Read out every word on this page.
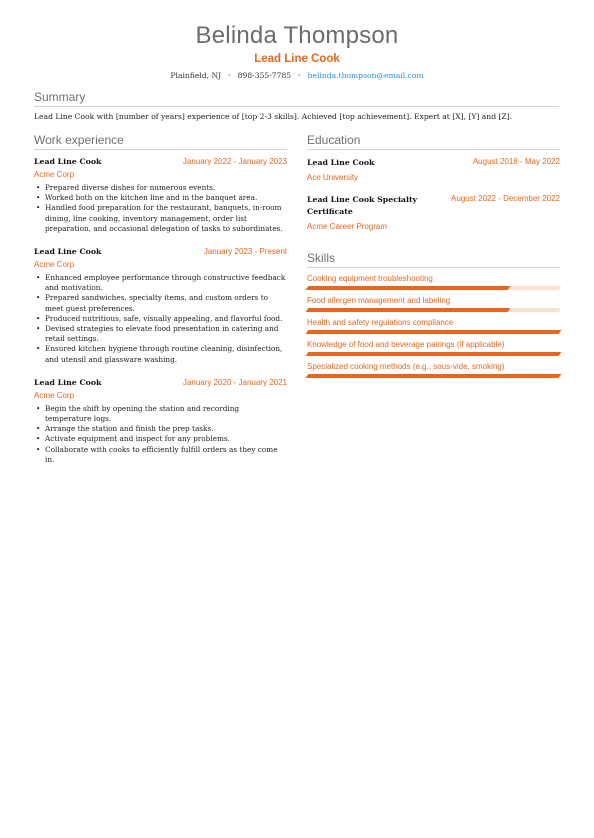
Belinda Thompson
Lead Line Cook
Plainfield, NJ • 898-355-7785 • belinda.thompson@email.com
Summary

Lead Line Cook with [number of years] experience of [top 2-3 skills]. Achieved [top achievement]. Expert at [X], [Y] and [Z].

Work experience
Lead Line Cook	January 2022 - January 2023
Acme Corp
• Prepared diverse dishes for numerous events.
• Worked both on the kitchen line and in the banquet area.
• Handled food preparation for the restaurant, banquets, in-room dining, line cooking, inventory management, order list preparation, and occasional delegation of tasks to subordinates.
Lead Line Cook	January 2023 - Present
Acme Corp
• Enhanced employee performance through constructive feedback and motivation.
• Prepared sandwiches, specialty items, and custom orders to meet guest preferences.
• Produced nutritious, safe, visually appealing, and flavorful food.
• Devised strategies to elevate food presentation in catering and retail settings.
• Ensured kitchen hygiene through routine cleaning, disinfection, and utensil and glassware washing.
Lead Line Cook	January 2020 - January 2021
Acme Corp
• Begin the shift by opening the station and recording temperature logs.
• Arrange the station and finish the prep tasks.
• Activate equipment and inspect for any problems.
• Collaborate with cooks to efficiently fulfill orders as they come in.
Education
Lead Line Cook	August 2018 - May 2022
Ace University
Lead Line Cook Specialty Certificate
August 2022 - December 2022
Acme Career Program
Skills
Cooking equipment troubleshooting
Food allergen management and labeling
Health and safety regulations compliance
Knowledge of food and beverage pairings (if applicable)
Specialized cooking methods (e.g., sous-vide, smoking)
